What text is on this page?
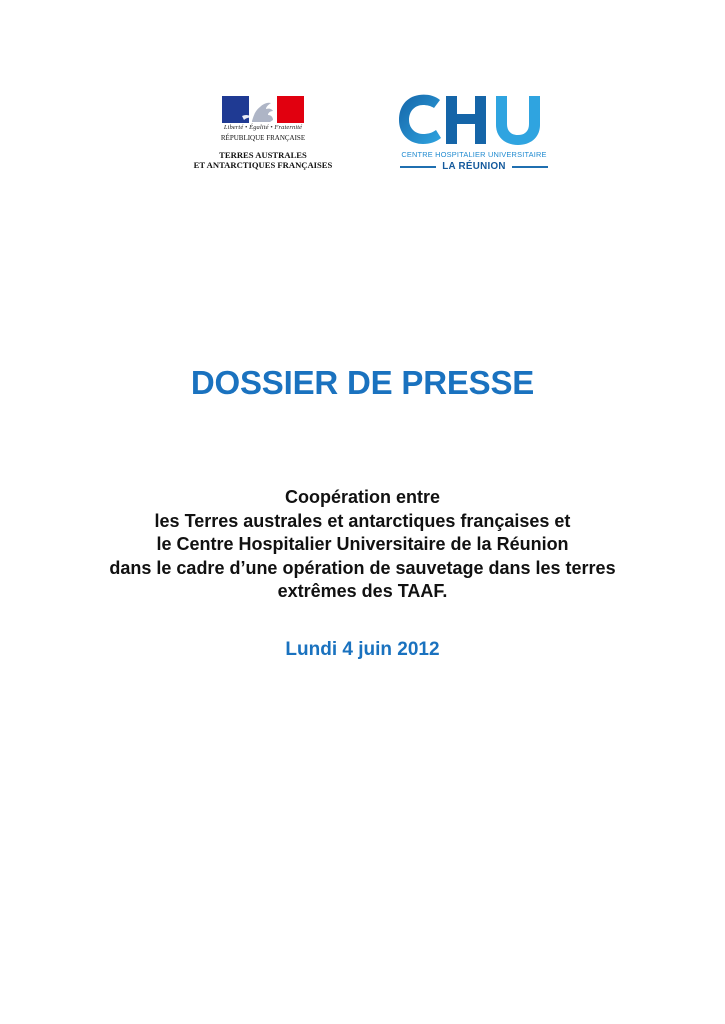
Liberté • Égalité • Fraternité
RÉPUBLIQUE FRANÇAISE
TERRES AUSTRALES
ET ANTARCTIQUES FRANÇAISES
CENTRE HOSPITALIER UNIVERSITAIRE
LA RÉUNION
DOSSIER DE PRESSE
Coopération entre
les Terres australes et antarctiques françaises et
le Centre Hospitalier Universitaire de la Réunion
dans le cadre d’une opération de sauvetage dans les terres
extrêmes des TAAF.
Lundi 4 juin 2012
